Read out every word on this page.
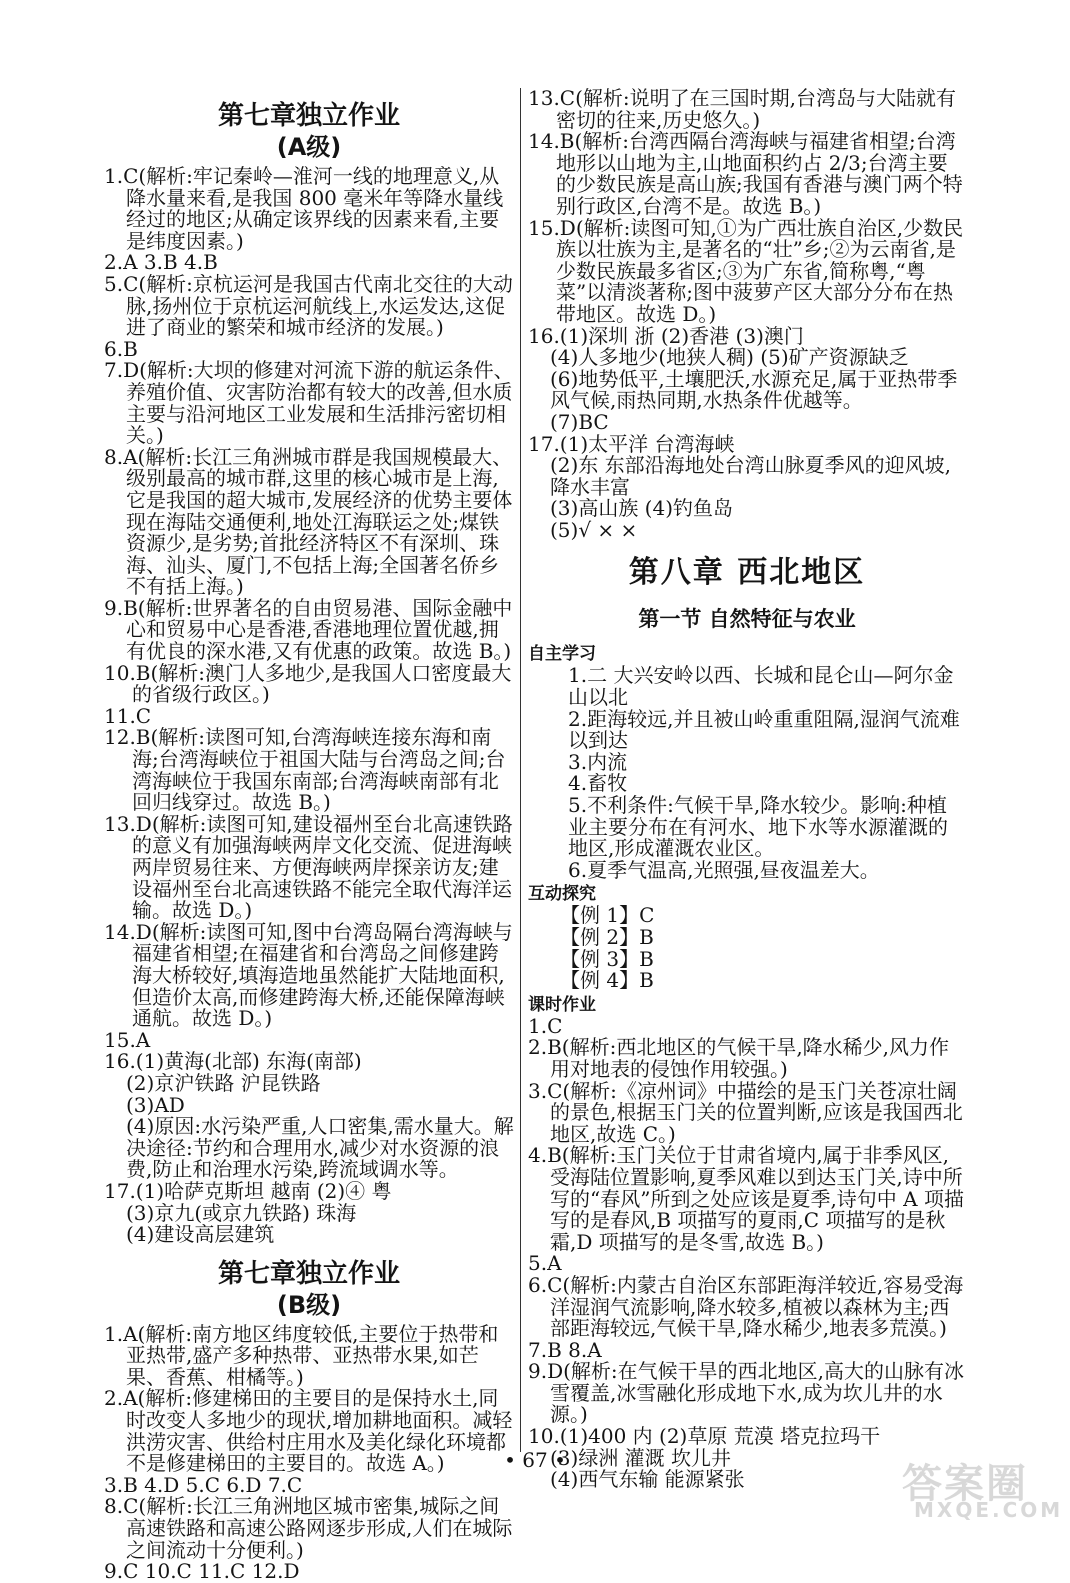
第七章独立作业
(A级)

1.C(解析:牢记秦岭—淮河一线的地理意义,从降水量来看,是我国 800 毫米年等降水量线经过的地区;从确定该界线的因素来看,主要是纬度因素。)

2.A 3.B 4.B

5.C(解析:京杭运河是我国古代南北交往的大动脉,扬州位于京杭运河航线上,水运发达,这促进了商业的繁荣和城市经济的发展。)

6.B

7.D(解析:大坝的修建对河流下游的航运条件、养殖价值、灾害防治都有较大的改善,但水质主要与沿河地区工业发展和生活排污密切相关。)

8.A(解析:长江三角洲城市群是我国规模最大、级别最高的城市群,这里的核心城市是上海,它是我国的超大城市,发展经济的优势主要体现在海陆交通便利,地处江海联运之处;煤铁资源少,是劣势;首批经济特区不有深圳、珠海、汕头、厦门,不包括上海;全国著名侨乡不有括上海。)

9.B(解析:世界著名的自由贸易港、国际金融中心和贸易中心是香港,香港地理位置优越,拥有优良的深水港,又有优惠的政策。故选 B。)

10.B(解析:澳门人多地少,是我国人口密度最大的省级行政区。)

11.C

12.B(解析:读图可知,台湾海峡连接东海和南海;台湾海峡位于祖国大陆与台湾岛之间;台湾海峡位于我国东南部;台湾海峡南部有北回归线穿过。故选 B。)

13.D(解析:读图可知,建设福州至台北高速铁路的意义有加强海峡两岸文化交流、促进海峡两岸贸易往来、方便海峡两岸探亲访友;建设福州至台北高速铁路不能完全取代海洋运输。故选 D。)

14.D(解析:读图可知,图中台湾岛隔台湾海峡与福建省相望;在福建省和台湾岛之间修建跨海大桥较好,填海造地虽然能扩大陆地面积,但造价太高,而修建跨海大桥,还能保障海峡通航。故选 D。)

15.A

16.(1)黄海(北部) 东海(南部)

(2)京沪铁路 沪昆铁路

(3)AD

(4)原因:水污染严重,人口密集,需水量大。解决途径:节约和合理用水,减少对水资源的浪费,防止和治理水污染,跨流域调水等。

17.(1)哈萨克斯坦 越南 (2)④ 粤

(3)京九(或京九铁路) 珠海

(4)建设高层建筑

第七章独立作业
(B级)

1.A(解析:南方地区纬度较低,主要位于热带和亚热带,盛产多种热带、亚热带水果,如芒果、香蕉、柑橘等。)

2.A(解析:修建梯田的主要目的是保持水土,同时改变人多地少的现状,增加耕地面积。减轻洪涝灾害、供给村庄用水及美化绿化环境都不是修建梯田的主要目的。故选 A。)

3.B 4.D 5.C 6.D 7.C

8.C(解析:长江三角洲地区城市密集,城际之间高速铁路和高速公路网逐步形成,人们在城际之间流动十分便利。)

9.C 10.C 11.C 12.D

13.C(解析:说明了在三国时期,台湾岛与大陆就有密切的往来,历史悠久。)

14.B(解析:台湾西隔台湾海峡与福建省相望;台湾地形以山地为主,山地面积约占 2/3;台湾主要的少数民族是高山族;我国有香港与澳门两个特别行政区,台湾不是。故选 B。)

15.D(解析:读图可知,①为广西壮族自治区,少数民族以壮族为主,是著名的“壮”乡;②为云南省,是少数民族最多省区;③为广东省,简称粤,“粤菜”以清淡著称;图中菠萝产区大部分分布在热带地区。故选 D。)

16.(1)深圳 浙 (2)香港 (3)澳门

(4)人多地少(地狭人稠) (5)矿产资源缺乏

(6)地势低平,土壤肥沃,水源充足,属于亚热带季风气候,雨热同期,水热条件优越等。

(7)BC

17.(1)太平洋 台湾海峡

(2)东 东部沿海地处台湾山脉夏季风的迎风坡,降水丰富

(3)高山族 (4)钓鱼岛

(5)√ × ×

第八章 西北地区
第一节 自然特征与农业
自主学习

1.二 大兴安岭以西、长城和昆仑山—阿尔金山以北

2.距海较远,并且被山岭重重阻隔,湿润气流难以到达

3.内流

4.畜牧

5.不利条件:气候干旱,降水较少。影响:种植业主要分布在有河水、地下水等水源灌溉的地区,形成灌溉农业区。

6.夏季气温高,光照强,昼夜温差大。

互动探究

【例 1】C

【例 2】B

【例 3】B

【例 4】B

课时作业

1.C

2.B(解析:西北地区的气候干旱,降水稀少,风力作用对地表的侵蚀作用较强。)

3.C(解析:《凉州词》中描绘的是玉门关苍凉壮阔的景色,根据玉门关的位置判断,应该是我国西北地区,故选 C。)

4.B(解析:玉门关位于甘肃省境内,属于非季风区,受海陆位置影响,夏季风难以到达玉门关,诗中所写的“春风”所到之处应该是夏季,诗句中 A 项描写的是春风,B 项描写的夏雨,C 项描写的是秋霜,D 项描写的是冬雪,故选 B。)

5.A

6.C(解析:内蒙古自治区东部距海洋较近,容易受海洋湿润气流影响,降水较多,植被以森林为主;西部距海较远,气候干旱,降水稀少,地表多荒漠。)

7.B 8.A

9.D(解析:在气候干旱的西北地区,高大的山脉有冰雪覆盖,冰雪融化形成地下水,成为坎儿井的水源。)

10.(1)400 内 (2)草原 荒漠 塔克拉玛干

(3)绿洲 灌溉 坎儿井

(4)西气东输 能源紧张

• 67 •
答案圈
MXQE.COM
